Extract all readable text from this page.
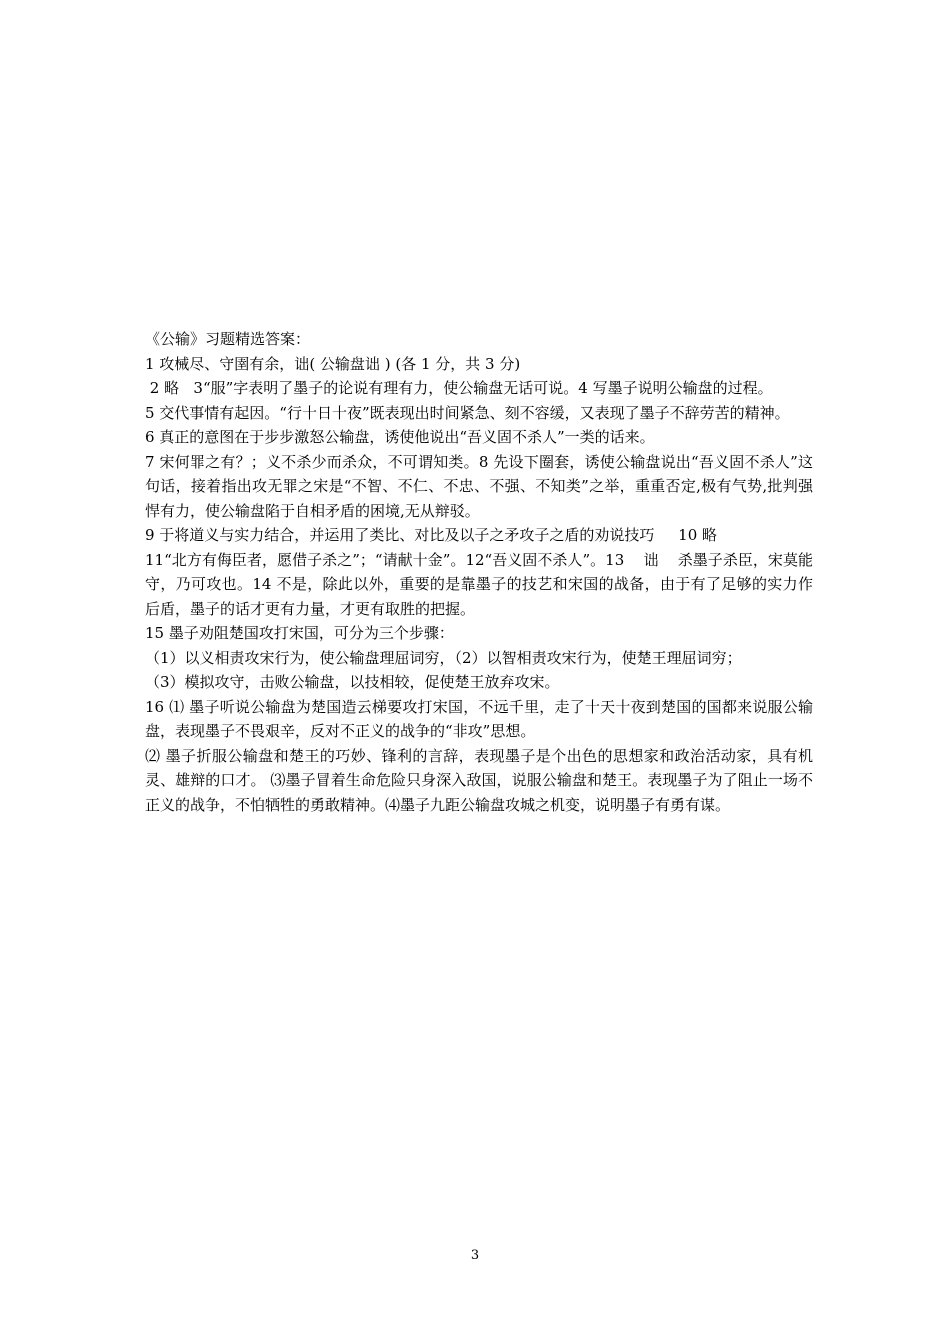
《公输》习题精选答案：

1 攻械尽、守圉有余，诎( 公输盘诎 ) (各 1 分，共 3 分)

2 略   3“服”字表明了墨子的论说有理有力，使公输盘无话可说。4 写墨子说明公输盘的过程。

5 交代事情有起因。“行十日十夜”既表现出时间紧急、刻不容缓，又表现了墨子不辞劳苦的精神。

6 真正的意图在于步步激怒公输盘，诱使他说出“吾义固不杀人”一类的话来。

7 宋何罪之有？；义不杀少而杀众，不可谓知类。8 先设下圈套，诱使公输盘说出“吾义固不杀人”这句话，接着指出攻无罪之宋是“不智、不仁、不忠、不强、不知类”之举，重重否定,极有气势,批判强悍有力，使公输盘陷于自相矛盾的困境,无从辩驳。

9 于将道义与实力结合，并运用了类比、对比及以子之矛攻子之盾的劝说技巧     10 略

11“北方有侮臣者，愿借子杀之”；“请献十金”。12“吾义固不杀人”。13    诎    杀墨子杀臣，宋莫能守，乃可攻也。14 不是，除此以外，重要的是靠墨子的技艺和宋国的战备，由于有了足够的实力作后盾，墨子的话才更有力量，才更有取胜的把握。

15 墨子劝阻楚国攻打宋国，可分为三个步骤：

（1）以义相责攻宋行为，使公输盘理屈词穷，（2）以智相责攻宋行为，使楚王理屈词穷；

（3）模拟攻守，击败公输盘，以技相较，促使楚王放弃攻宋。

16 ⑴ 墨子听说公输盘为楚国造云梯要攻打宋国，不远千里，走了十天十夜到楚国的国都来说服公输盘，表现墨子不畏艰辛，反对不正义的战争的“非攻”思想。

⑵ 墨子折服公输盘和楚王的巧妙、锋利的言辞，表现墨子是个出色的思想家和政治活动家，具有机灵、雄辩的口才。 ⑶墨子冒着生命危险只身深入敌国，说服公输盘和楚王。表现墨子为了阻止一场不正义的战争，不怕牺牲的勇敢精神。⑷墨子九距公输盘攻城之机变，说明墨子有勇有谋。

3
